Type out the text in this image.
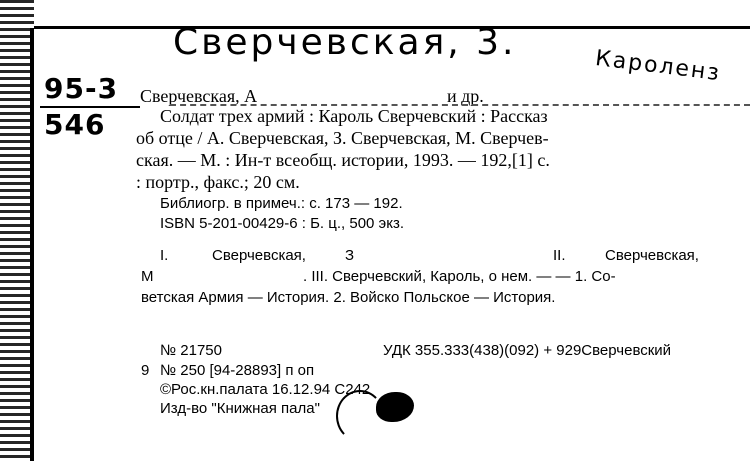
Сверчевская, 3.
Кароленз
95-3
546
Сверчевская, А	и др.
Солдат трех армий : Кароль Сверчевский : Рассказ
об отце / А. Сверчевская, З. Сверчевская, М. Сверчев-
ская. — М. : Ин-т всеобщ. истории, 1993. — 192,[1] с.
: портр., факс.; 20 см.
Библиогр. в примеч.: с. 173 — 192.
ISBN 5-201-00429-6 : Б. ц., 500 экз.
I.	Сверчевская,	З	II.	Сверчевская,
М	. III. Сверчевский, Кароль, о нем. — — 1. Со-
ветская Армия — История. 2. Войско Польское — История.
№ 21750	УДК 355.333(438)(092) + 929Сверчевский
9 № 250 [94-28893] п оп
©Рос.кн.палата 16.12.94 C242
Изд-во "Книжная пала"
